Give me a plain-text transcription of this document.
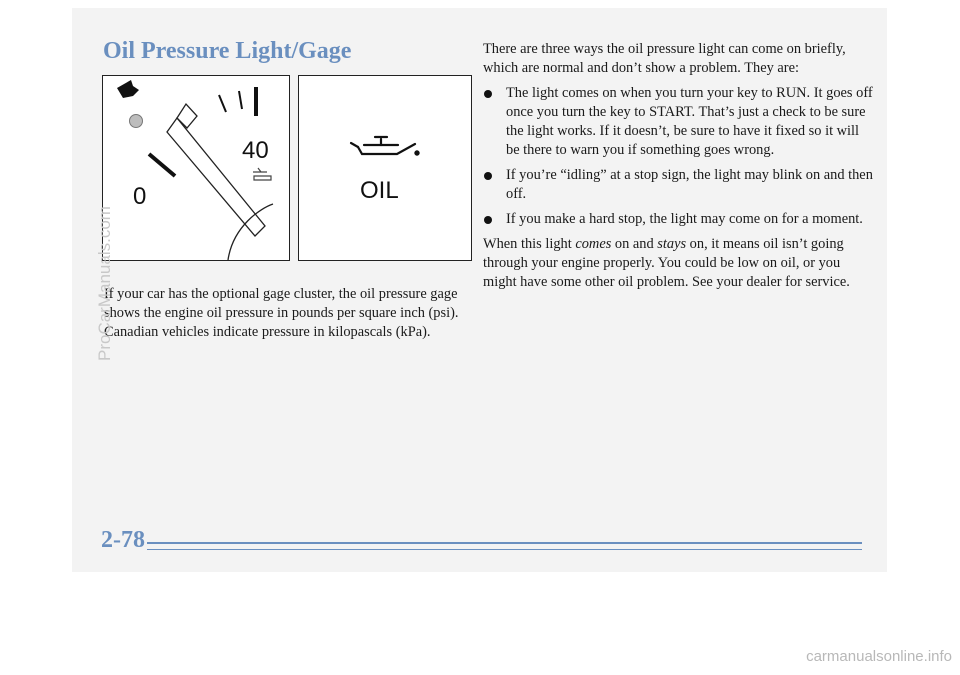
Oil Pressure Light/Gage
0
40
OIL

If your car has the optional gage cluster, the oil pressure gage shows the engine oil pressure in pounds per square inch (psi). Canadian vehicles indicate pressure in kilopascals (kPa).

There are three ways the oil pressure light can come on briefly, which are normal and don’t show a problem. They are:

The light comes on when you turn your key to RUN. It goes off once you turn the key to START. That’s just a check to be sure the light works. If it doesn’t, be sure to have it fixed so it will be there to warn you if something goes wrong.
If you’re “idling” at a stop sign, the light may blink on and then off.
If you make a hard stop, the light may come on for a moment.

When this light comes on and stays on, it means oil isn’t going through your engine properly. You could be low on oil, or you might have some other oil problem. See your dealer for service.

2-78
ProCarManuals.com
carmanualsonline.info
